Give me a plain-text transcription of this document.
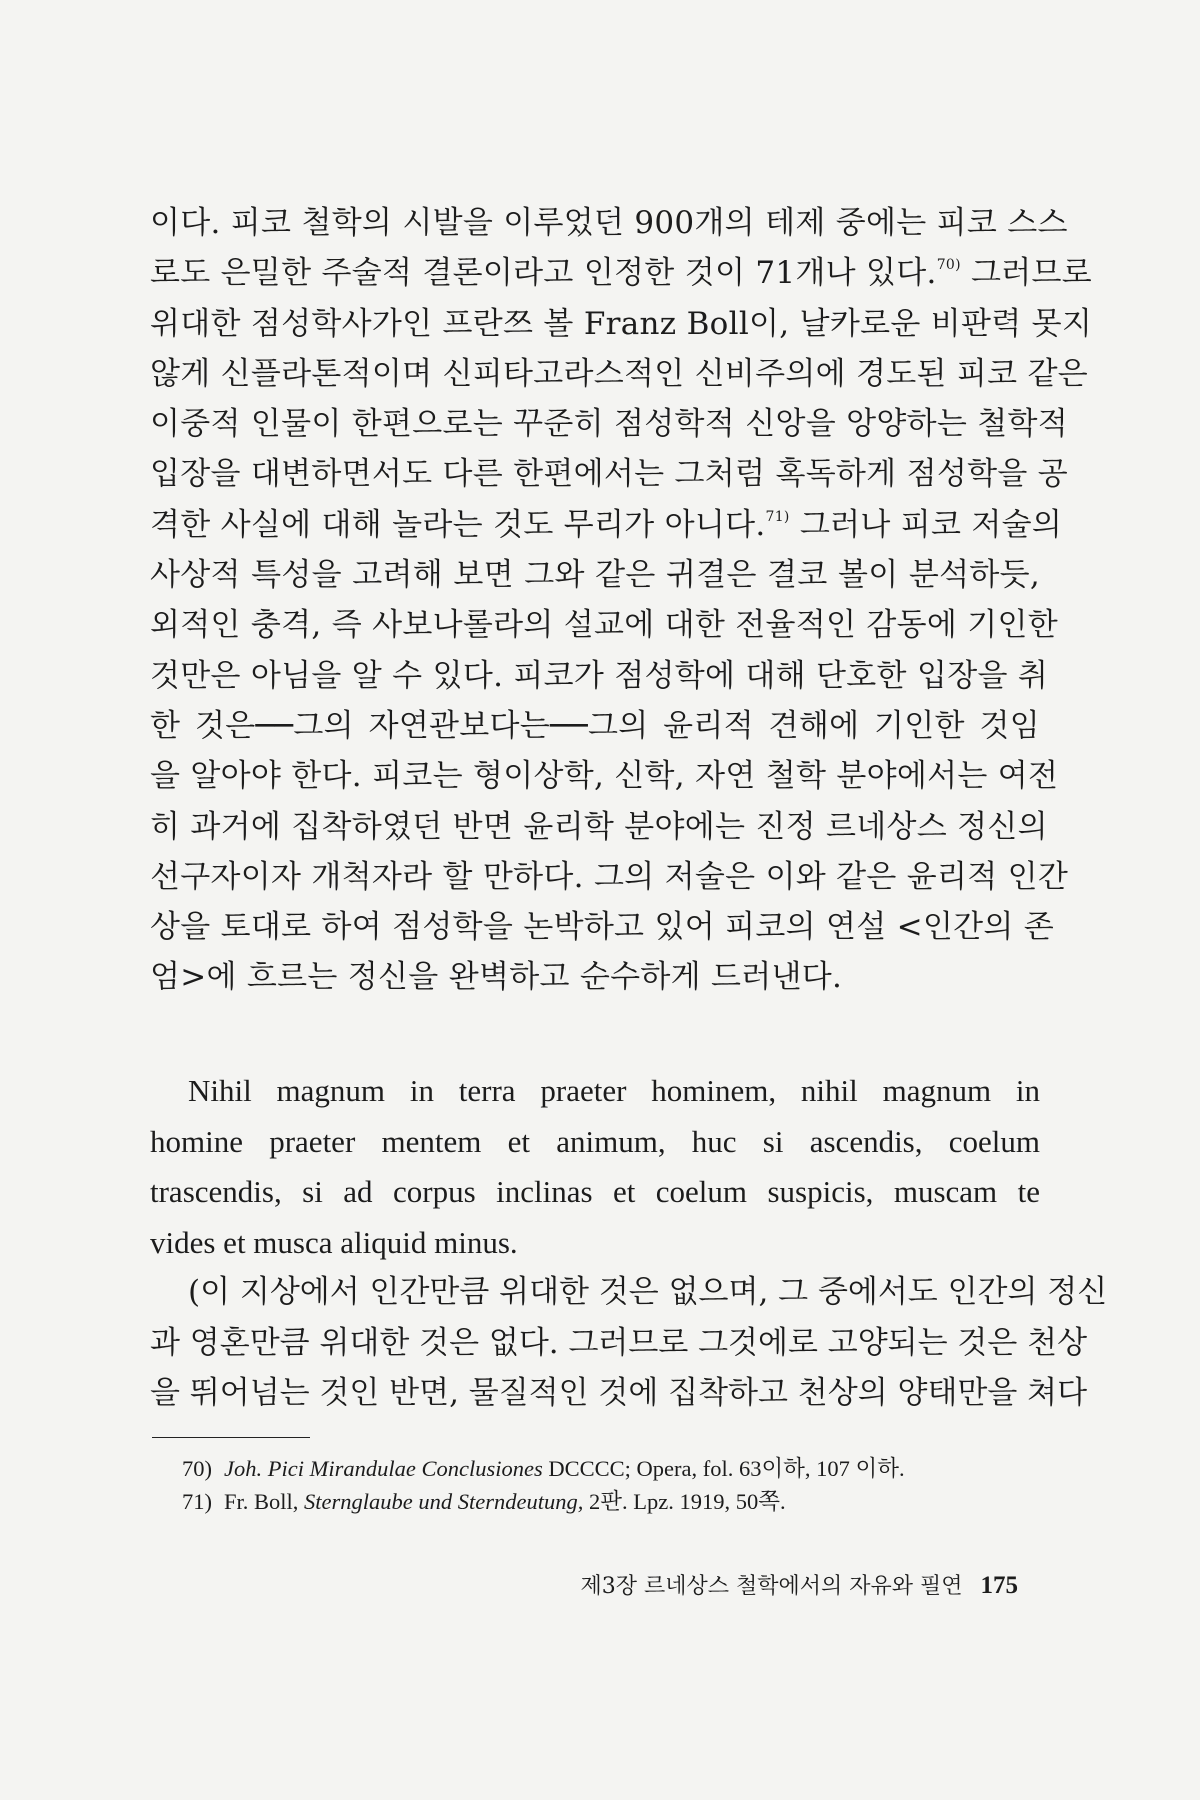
이다. 피코 철학의 시발을 이루었던 900개의 테제 중에는 피코 스스
로도 은밀한 주술적 결론이라고 인정한 것이 71개나 있다.$^{70)}$ 그러므로
위대한 점성학사가인 프란쯔 볼 Franz Boll이, 날카로운 비판력 못지
않게 신플라톤적이며 신피타고라스적인 신비주의에 경도된 피코 같은
이중적 인물이 한편으로는 꾸준히 점성학적 신앙을 앙양하는 철학적
입장을 대변하면서도 다른 한편에서는 그처럼 혹독하게 점성학을 공
격한 사실에 대해 놀라는 것도 무리가 아니다.$^{71)}$ 그러나 피코 저술의
사상적 특성을 고려해 보면 그와 같은 귀결은 결코 볼이 분석하듯,
외적인 충격, 즉 사보나롤라의 설교에 대한 전율적인 감동에 기인한
것만은 아님을 알 수 있다. 피코가 점성학에 대해 단호한 입장을 취
한 것은──그의 자연관보다는──그의 윤리적 견해에 기인한 것임
을 알아야 한다. 피코는 형이상학, 신학, 자연 철학 분야에서는 여전
히 과거에 집착하였던 반면 윤리학 분야에는 진정 르네상스 정신의
선구자이자 개척자라 할 만하다. 그의 저술은 이와 같은 윤리적 인간
상을 토대로 하여 점성학을 논박하고 있어 피코의 연설 <인간의 존
엄>에 흐르는 정신을 완벽하고 순수하게 드러낸다.
Nihil magnum in terra praeter hominem, nihil magnum in
homine praeter mentem et animum, huc si ascendis, coelum
trascendis, si ad corpus inclinas et coelum suspicis, muscam te
vides et musca aliquid minus.
(이 지상에서 인간만큼 위대한 것은 없으며, 그 중에서도 인간의 정신
과 영혼만큼 위대한 것은 없다. 그러므로 그것에로 고양되는 것은 천상
을 뛰어넘는 것인 반면, 물질적인 것에 집착하고 천상의 양태만을 쳐다
70) Joh. Pici Mirandulae Conclusiones DCCCC; Opera, fol. 63이하, 107 이하.
71) Fr. Boll, Sternglaube und Sterndeutung, 2판. Lpz. 1919, 50쪽.
제3장 르네상스 철학에서의 자유와 필연 175
